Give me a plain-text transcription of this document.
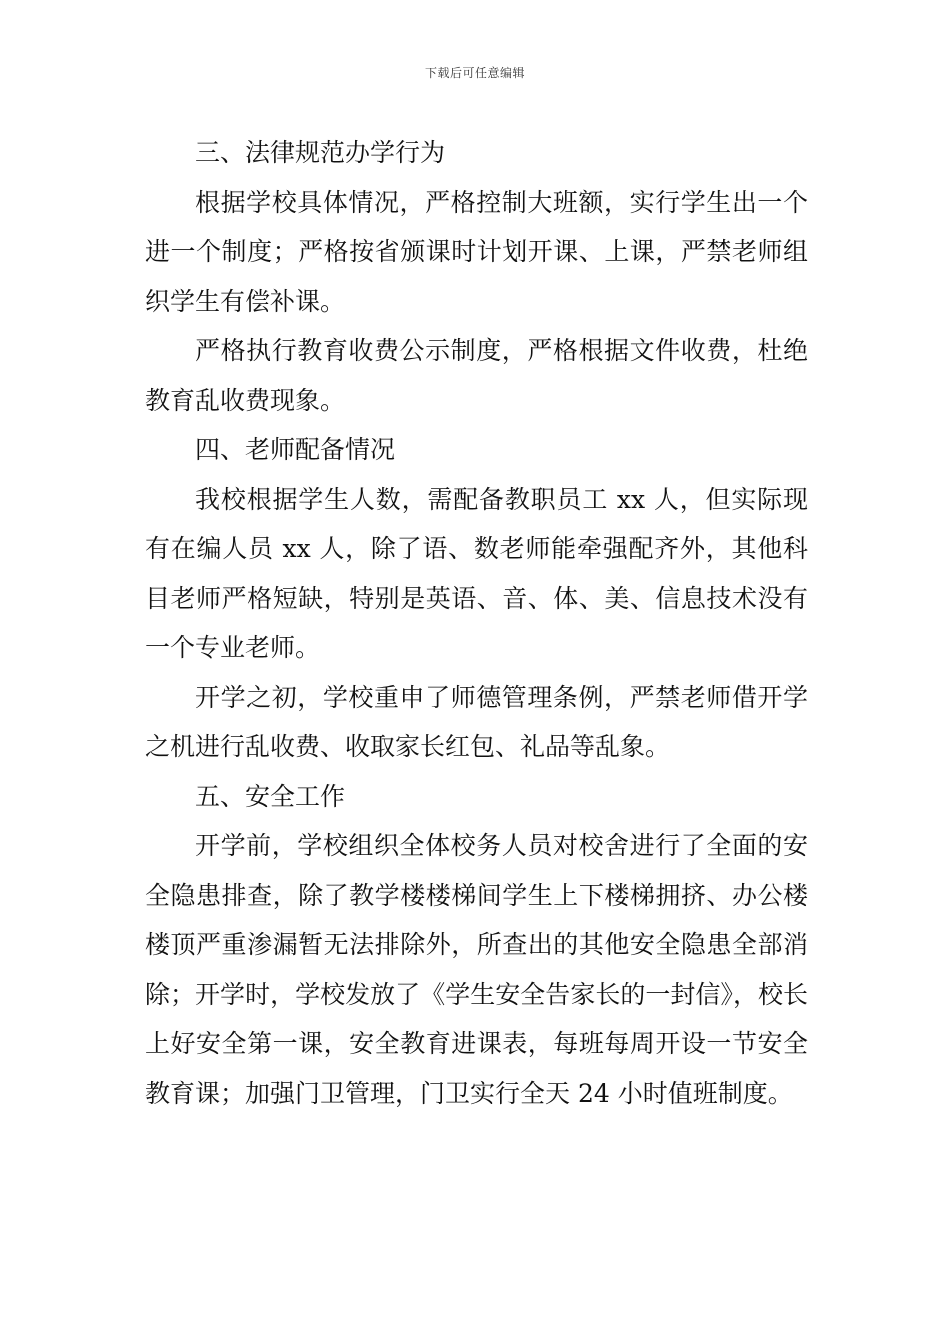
下载后可任意编辑

三、法律规范办学行为

根据学校具体情况，严格控制大班额，实行学生出一个进一个制度；严格按省颁课时计划开课、上课，严禁老师组织学生有偿补课。

严格执行教育收费公示制度，严格根据文件收费，杜绝教育乱收费现象。

四、老师配备情况

我校根据学生人数，需配备教职员工 xx 人，但实际现有在编人员 xx 人，除了语、数老师能牵强配齐外，其他科目老师严格短缺，特别是英语、音、体、美、信息技术没有一个专业老师。

开学之初，学校重申了师德管理条例，严禁老师借开学之机进行乱收费、收取家长红包、礼品等乱象。

五、安全工作

开学前，学校组织全体校务人员对校舍进行了全面的安全隐患排查，除了教学楼楼梯间学生上下楼梯拥挤、办公楼楼顶严重渗漏暂无法排除外，所查出的其他安全隐患全部消除；开学时，学校发放了《学生安全告家长的一封信》，校长上好安全第一课，安全教育进课表，每班每周开设一节安全教育课；加强门卫管理，门卫实行全天 24 小时值班制度。
